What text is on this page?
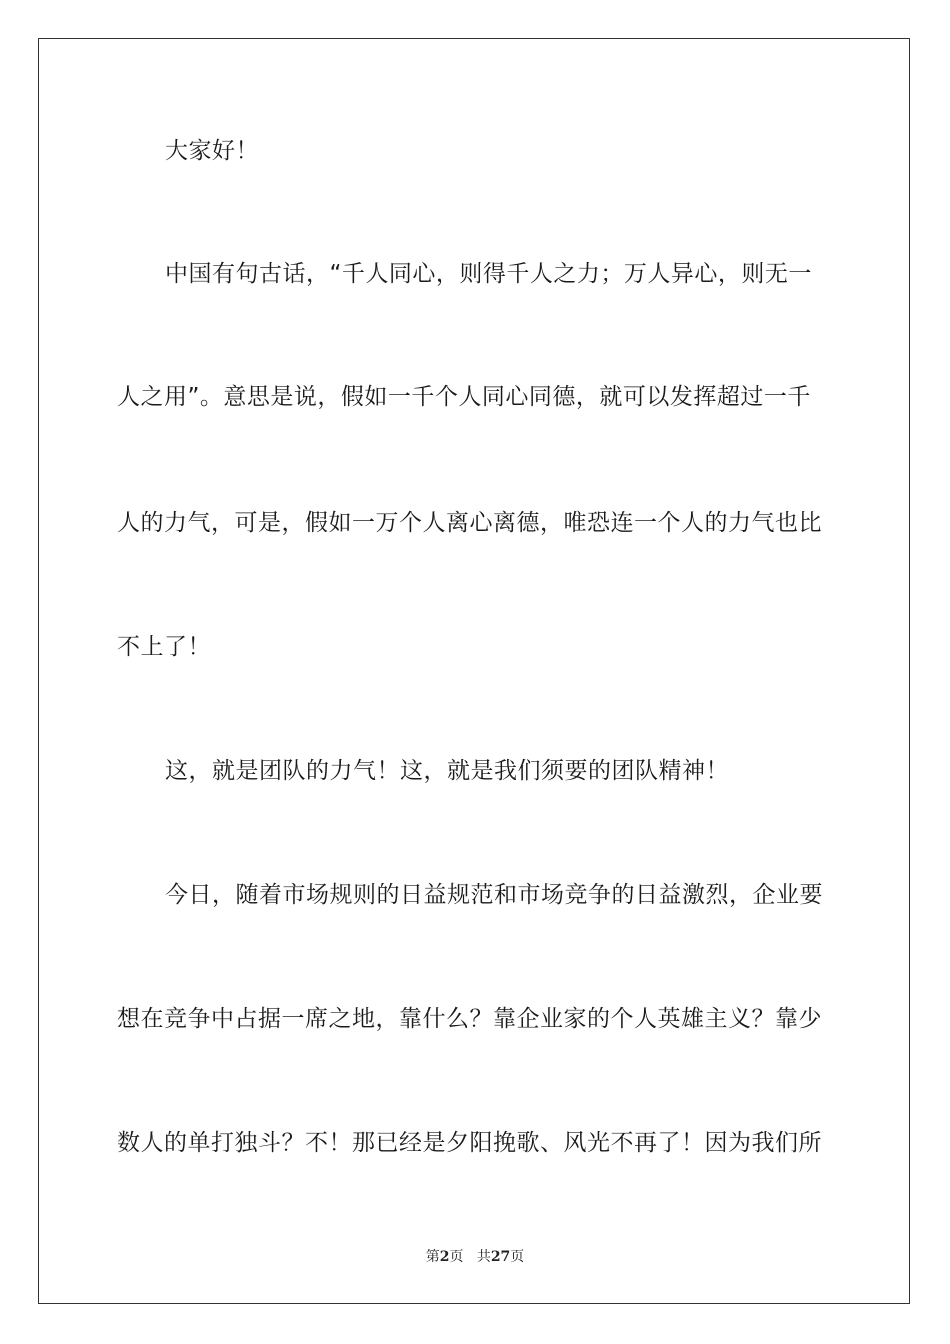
大家好！
中国有句古话，“千人同心，则得千人之力；万人异心，则无一
人之用”。意思是说，假如一千个人同心同德，就可以发挥超过一千
人的力气，可是，假如一万个人离心离德，唯恐连一个人的力气也比
不上了！
这，就是团队的力气！这，就是我们须要的团队精神！
今日，随着市场规则的日益规范和市场竞争的日益激烈，企业要
想在竞争中占据一席之地，靠什么？靠企业家的个人英雄主义？靠少
数人的单打独斗？不！那已经是夕阳挽歌、风光不再了！因为我们所
第2页 共27页
